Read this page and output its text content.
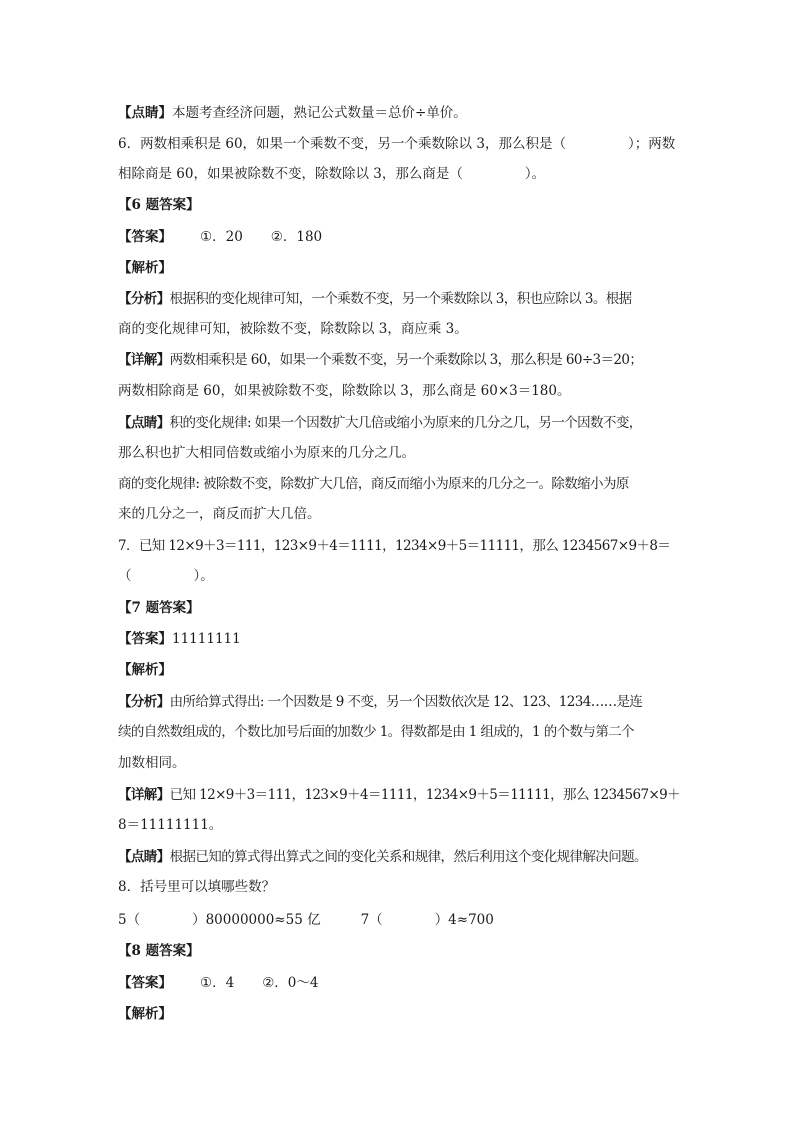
【点睛】本题考查经济问题，熟记公式数量＝总价÷单价。
6．两数相乘积是 60，如果一个乘数不变，另一个乘数除以 3，那么积是（	）；两数
相除商是 60，如果被除数不变，除数除以 3，那么商是（	）。
【6 题答案】
【答案】 ①．20 ②．180
【解析】
【分析】根据积的变化规律可知，一个乘数不变，另一个乘数除以 3，积也应除以 3。根据
商的变化规律可知，被除数不变，除数除以 3，商应乘 3。
【详解】两数相乘积是 60，如果一个乘数不变，另一个乘数除以 3，那么积是 60÷3＝20；
两数相除商是 60，如果被除数不变，除数除以 3，那么商是 60×3＝180。
【点睛】积的变化规律: 如果一个因数扩大几倍或缩小为原来的几分之几，另一个因数不变，
那么积也扩大相同倍数或缩小为原来的几分之几。
商的变化规律: 被除数不变，除数扩大几倍，商反而缩小为原来的几分之一。除数缩小为原
来的几分之一，商反而扩大几倍。
7．已知 12×9＋3＝111，123×9＋4＝1111，1234×9＋5＝11111，那么 1234567×9＋8＝
（	）。
【7 题答案】
【答案】11111111
【解析】
【分析】由所给算式得出: 一个因数是 9 不变，另一个因数依次是 12、123、1234……是连
续的自然数组成的，个数比加号后面的加数少 1。得数都是由 1 组成的，1 的个数与第二个
加数相同。
【详解】已知 12×9＋3＝111，123×9＋4＝1111，1234×9＋5＝11111，那么 1234567×9＋
8＝11111111。
【点睛】根据已知的算式得出算式之间的变化关系和规律，然后利用这个变化规律解决问题。
8．括号里可以填哪些数？
5（	）80000000≈55 亿	7（	）4≈700
【8 题答案】
【答案】 ①．4 ②．0～4
【解析】
